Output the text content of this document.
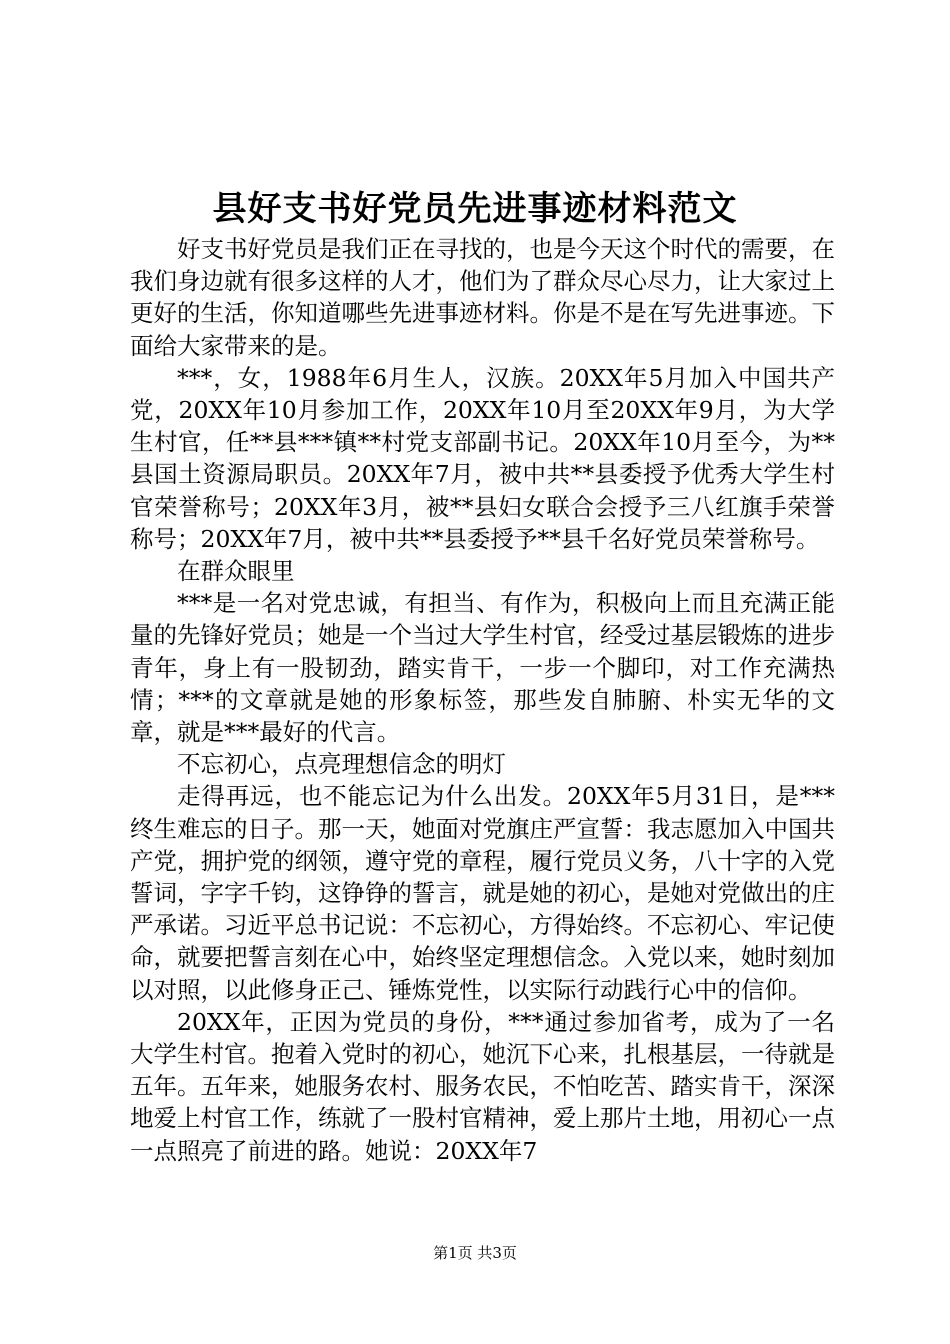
县好支书好党员先进事迹材料范文

好支书好党员是我们正在寻找的，也是今天这个时代的需要，在我们身边就有很多这样的人才，他们为了群众尽心尽力，让大家过上更好的生活，你知道哪些先进事迹材料。你是不是在写先进事迹。下面给大家带来的是。

***，女，1988年6月生人，汉族。20XX年5月加入中国共产党，20XX年10月参加工作，20XX年10月至20XX年9月，为大学生村官，任**县***镇**村党支部副书记。20XX年10月至今，为**县国土资源局职员。20XX年7月，被中共**县委授予优秀大学生村官荣誉称号；20XX年3月，被**县妇女联合会授予三八红旗手荣誉称号；20XX年7月，被中共**县委授予**县千名好党员荣誉称号。

在群众眼里

***是一名对党忠诚，有担当、有作为，积极向上而且充满正能量的先锋好党员；她是一个当过大学生村官，经受过基层锻炼的进步青年，身上有一股韧劲，踏实肯干，一步一个脚印，对工作充满热情；***的文章就是她的形象标签，那些发自肺腑、朴实无华的文章，就是***最好的代言。

不忘初心，点亮理想信念的明灯

走得再远，也不能忘记为什么出发。20XX年5月31日，是***终生难忘的日子。那一天，她面对党旗庄严宣誓：我志愿加入中国共产党，拥护党的纲领，遵守党的章程，履行党员义务，八十字的入党誓词，字字千钧，这铮铮的誓言，就是她的初心，是她对党做出的庄严承诺。习近平总书记说：不忘初心，方得始终。不忘初心、牢记使命，就要把誓言刻在心中，始终坚定理想信念。入党以来，她时刻加以对照，以此修身正己、锤炼党性，以实际行动践行心中的信仰。

20XX年，正因为党员的身份，***通过参加省考，成为了一名大学生村官。抱着入党时的初心，她沉下心来，扎根基层，一待就是五年。五年来，她服务农村、服务农民，不怕吃苦、踏实肯干，深深地爱上村官工作，练就了一股村官精神，爱上那片土地，用初心一点一点照亮了前进的路。她说：20XX年7

第1页 共3页
